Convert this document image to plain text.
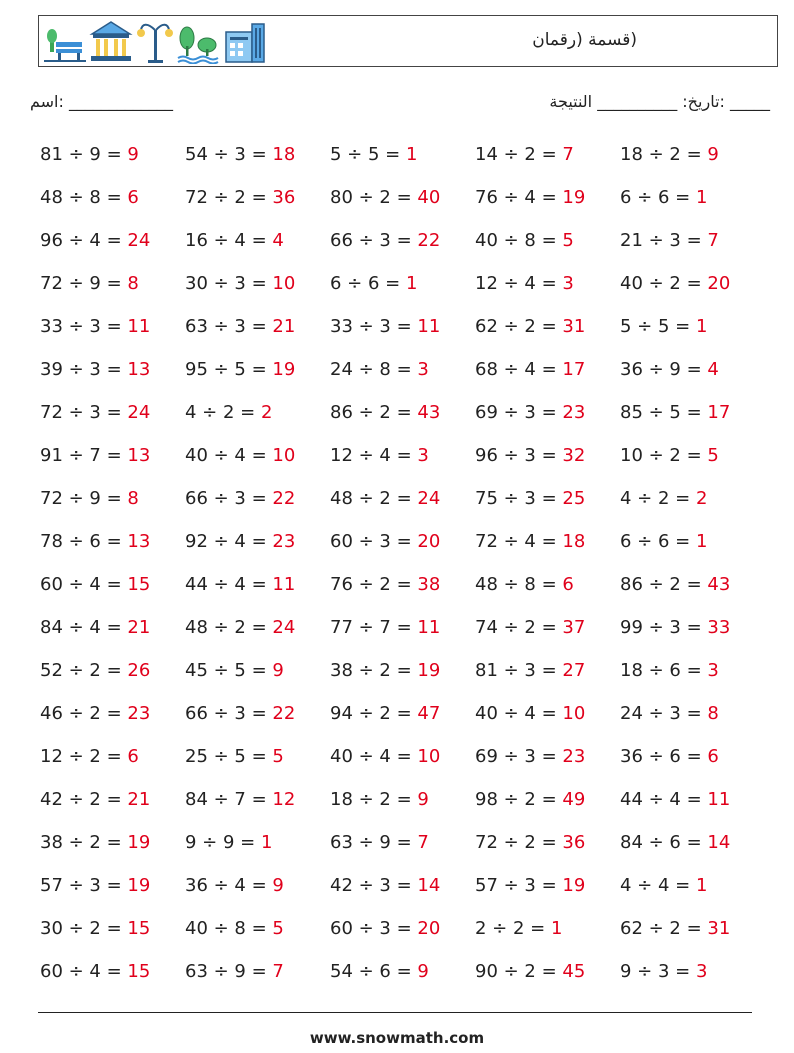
(قسمة (رقمان
_____________ :اسم	_____ :تاريخ: __________ النتيجة
81 ÷ 9 = 9	54 ÷ 3 = 18	5 ÷ 5 = 1	14 ÷ 2 = 7	18 ÷ 2 = 9
48 ÷ 8 = 6	72 ÷ 2 = 36	80 ÷ 2 = 40	76 ÷ 4 = 19	6 ÷ 6 = 1
96 ÷ 4 = 24	16 ÷ 4 = 4	66 ÷ 3 = 22	40 ÷ 8 = 5	21 ÷ 3 = 7
72 ÷ 9 = 8	30 ÷ 3 = 10	6 ÷ 6 = 1	12 ÷ 4 = 3	40 ÷ 2 = 20
33 ÷ 3 = 11	63 ÷ 3 = 21	33 ÷ 3 = 11	62 ÷ 2 = 31	5 ÷ 5 = 1
39 ÷ 3 = 13	95 ÷ 5 = 19	24 ÷ 8 = 3	68 ÷ 4 = 17	36 ÷ 9 = 4
72 ÷ 3 = 24	4 ÷ 2 = 2	86 ÷ 2 = 43	69 ÷ 3 = 23	85 ÷ 5 = 17
91 ÷ 7 = 13	40 ÷ 4 = 10	12 ÷ 4 = 3	96 ÷ 3 = 32	10 ÷ 2 = 5
72 ÷ 9 = 8	66 ÷ 3 = 22	48 ÷ 2 = 24	75 ÷ 3 = 25	4 ÷ 2 = 2
78 ÷ 6 = 13	92 ÷ 4 = 23	60 ÷ 3 = 20	72 ÷ 4 = 18	6 ÷ 6 = 1
60 ÷ 4 = 15	44 ÷ 4 = 11	76 ÷ 2 = 38	48 ÷ 8 = 6	86 ÷ 2 = 43
84 ÷ 4 = 21	48 ÷ 2 = 24	77 ÷ 7 = 11	74 ÷ 2 = 37	99 ÷ 3 = 33
52 ÷ 2 = 26	45 ÷ 5 = 9	38 ÷ 2 = 19	81 ÷ 3 = 27	18 ÷ 6 = 3
46 ÷ 2 = 23	66 ÷ 3 = 22	94 ÷ 2 = 47	40 ÷ 4 = 10	24 ÷ 3 = 8
12 ÷ 2 = 6	25 ÷ 5 = 5	40 ÷ 4 = 10	69 ÷ 3 = 23	36 ÷ 6 = 6
42 ÷ 2 = 21	84 ÷ 7 = 12	18 ÷ 2 = 9	98 ÷ 2 = 49	44 ÷ 4 = 11
38 ÷ 2 = 19	9 ÷ 9 = 1	63 ÷ 9 = 7	72 ÷ 2 = 36	84 ÷ 6 = 14
57 ÷ 3 = 19	36 ÷ 4 = 9	42 ÷ 3 = 14	57 ÷ 3 = 19	4 ÷ 4 = 1
30 ÷ 2 = 15	40 ÷ 8 = 5	60 ÷ 3 = 20	2 ÷ 2 = 1	62 ÷ 2 = 31
60 ÷ 4 = 15	63 ÷ 9 = 7	54 ÷ 6 = 9	90 ÷ 2 = 45	9 ÷ 3 = 3
www.snowmath.com
